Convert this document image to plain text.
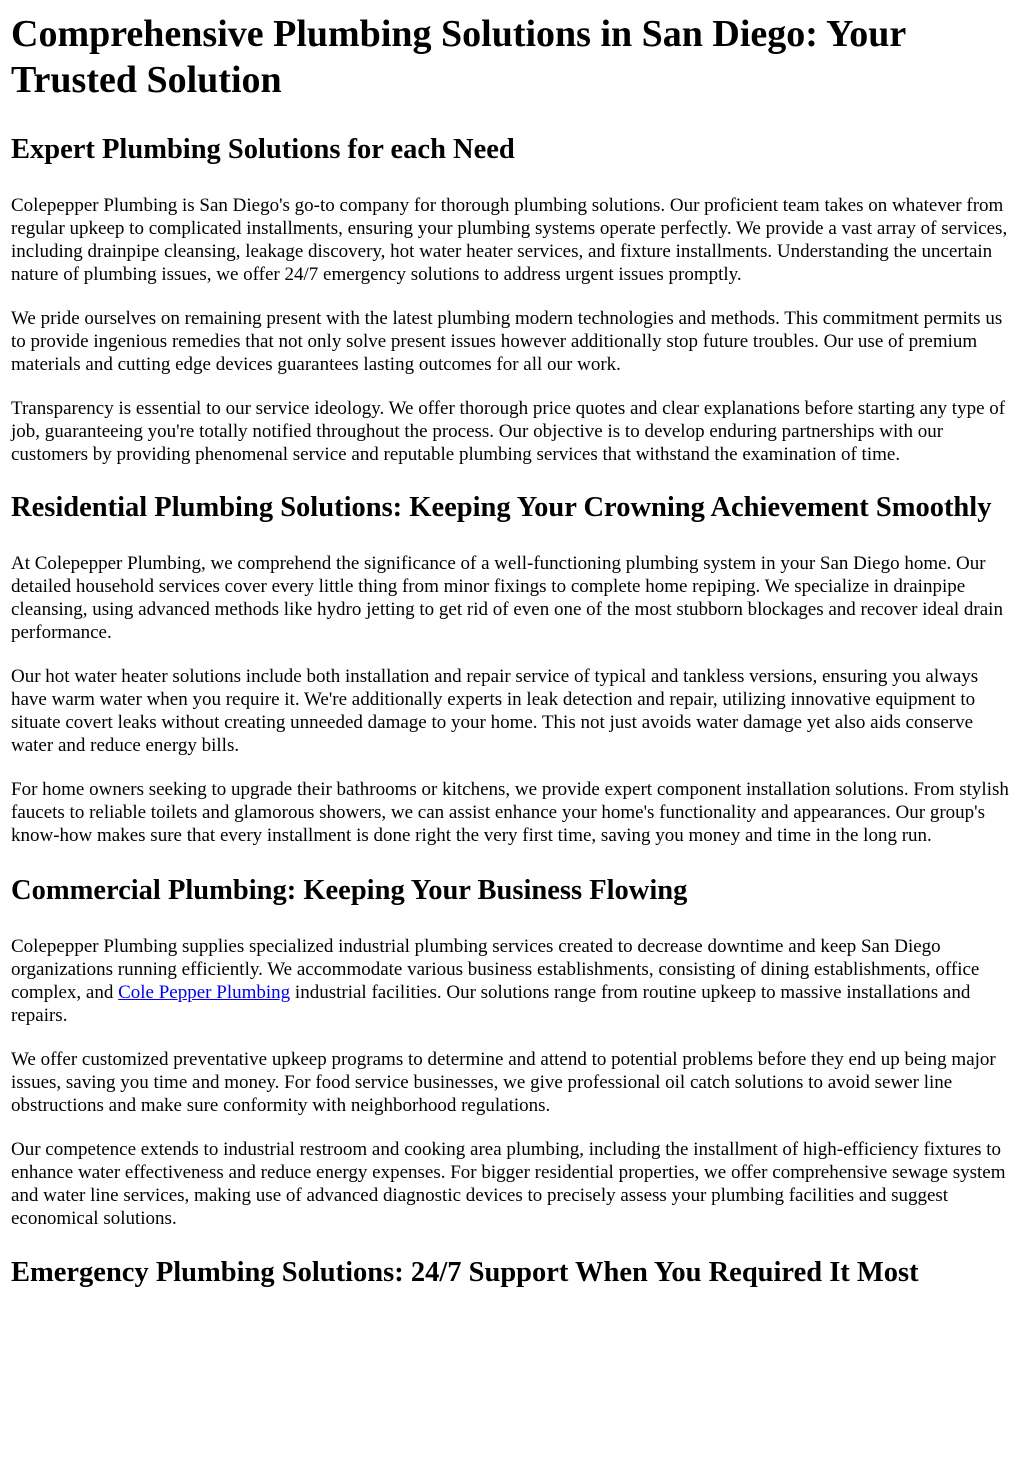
Comprehensive Plumbing Solutions in San Diego: Your Trusted Solution
Expert Plumbing Solutions for each Need

Colepepper Plumbing is San Diego's go-to company for thorough plumbing solutions. Our proficient team takes on whatever from regular upkeep to complicated installments, ensuring your plumbing systems operate perfectly. We provide a vast array of services, including drainpipe cleansing, leakage discovery, hot water heater services, and fixture installments. Understanding the uncertain nature of plumbing issues, we offer 24/7 emergency solutions to address urgent issues promptly.

We pride ourselves on remaining present with the latest plumbing modern technologies and methods. This commitment permits us to provide ingenious remedies that not only solve present issues however additionally stop future troubles. Our use of premium materials and cutting edge devices guarantees lasting outcomes for all our work.

Transparency is essential to our service ideology. We offer thorough price quotes and clear explanations before starting any type of job, guaranteeing you're totally notified throughout the process. Our objective is to develop enduring partnerships with our customers by providing phenomenal service and reputable plumbing services that withstand the examination of time.

Residential Plumbing Solutions: Keeping Your Crowning Achievement Smoothly

At Colepepper Plumbing, we comprehend the significance of a well-functioning plumbing system in your San Diego home. Our detailed household services cover every little thing from minor fixings to complete home repiping. We specialize in drainpipe cleansing, using advanced methods like hydro jetting to get rid of even one of the most stubborn blockages and recover ideal drain performance.

Our hot water heater solutions include both installation and repair service of typical and tankless versions, ensuring you always have warm water when you require it. We're additionally experts in leak detection and repair, utilizing innovative equipment to situate covert leaks without creating unneeded damage to your home. This not just avoids water damage yet also aids conserve water and reduce energy bills.

For home owners seeking to upgrade their bathrooms or kitchens, we provide expert component installation solutions. From stylish faucets to reliable toilets and glamorous showers, we can assist enhance your home's functionality and appearances. Our group's know-how makes sure that every installment is done right the very first time, saving you money and time in the long run.

Commercial Plumbing: Keeping Your Business Flowing

Colepepper Plumbing supplies specialized industrial plumbing services created to decrease downtime and keep San Diego organizations running efficiently. We accommodate various business establishments, consisting of dining establishments, office complex, and Cole Pepper Plumbing industrial facilities. Our solutions range from routine upkeep to massive installations and repairs.

We offer customized preventative upkeep programs to determine and attend to potential problems before they end up being major issues, saving you time and money. For food service businesses, we give professional oil catch solutions to avoid sewer line obstructions and make sure conformity with neighborhood regulations.

Our competence extends to industrial restroom and cooking area plumbing, including the installment of high-efficiency fixtures to enhance water effectiveness and reduce energy expenses. For bigger residential properties, we offer comprehensive sewage system and water line services, making use of advanced diagnostic devices to precisely assess your plumbing facilities and suggest economical solutions.

Emergency Plumbing Solutions: 24/7 Support When You Required It Most
